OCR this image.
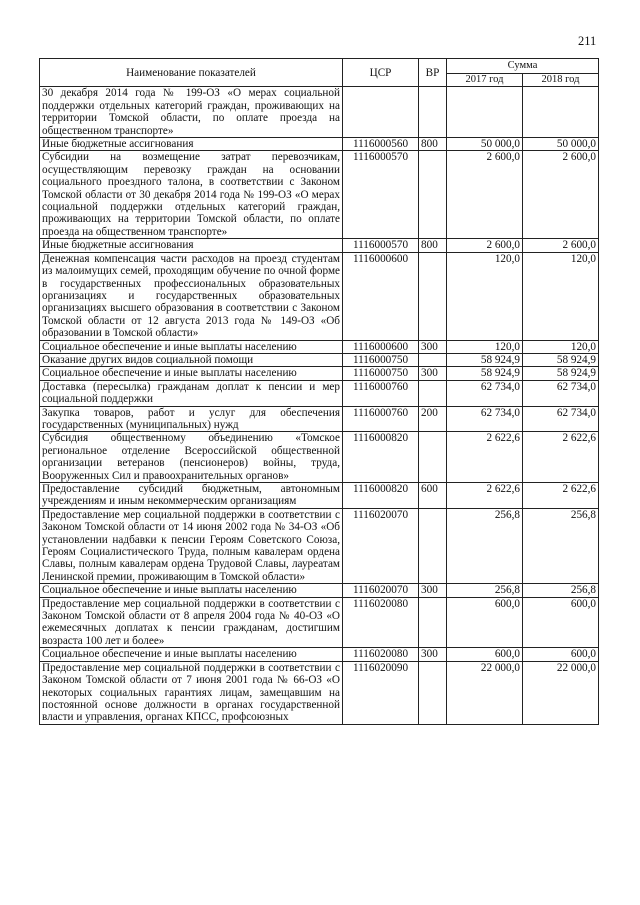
211
Наименование показателей	ЦСР	ВР	Сумма	
			2017 год	2018 год
30 декабря 2014 года № 199-ОЗ «О мерах социальной поддержки отдельных категорий граждан, проживающих на территории Томской области, по оплате проезда на общественном транспорте»				
Иные бюджетные ассигнования	1116000560	800	50 000,0	50 000,0
Субсидии на возмещение затрат перевозчикам, осуществляющим перевозку граждан на основании социального проездного талона, в соответствии с Законом Томской области от 30 декабря 2014 года № 199-ОЗ «О мерах социальной поддержки отдельных категорий граждан, проживающих на территории Томской области, по оплате проезда на общественном транспорте»	1116000570		2 600,0	2 600,0
Иные бюджетные ассигнования	1116000570	800	2 600,0	2 600,0
Денежная компенсация части расходов на проезд студентам из малоимущих семей, проходящим обучение по очной форме в государственных профессиональных образовательных организациях и государственных образовательных организациях высшего образования в соответствии с Законом Томской области от 12 августа 2013 года № 149-ОЗ «Об образовании в Томской области»	1116000600		120,0	120,0
Социальное обеспечение и иные выплаты населению	1116000600	300	120,0	120,0
Оказание других видов социальной помощи	1116000750		58 924,9	58 924,9
Социальное обеспечение и иные выплаты населению	1116000750	300	58 924,9	58 924,9
Доставка (пересылка) гражданам доплат к пенсии и мер социальной поддержки	1116000760		62 734,0	62 734,0
Закупка товаров, работ и услуг для обеспечения государственных (муниципальных) нужд	1116000760	200	62 734,0	62 734,0
Субсидия общественному объединению «Томское региональное отделение Всероссийской общественной организации ветеранов (пенсионеров) войны, труда, Вооруженных Сил и правоохранительных органов»	1116000820		2 622,6	2 622,6
Предоставление субсидий бюджетным, автономным учреждениям и иным некоммерческим организациям	1116000820	600	2 622,6	2 622,6
Предоставление мер социальной поддержки в соответствии с Законом Томской области от 14 июня 2002 года № 34-ОЗ «Об установлении надбавки к пенсии Героям Советского Союза, Героям Социалистического Труда, полным кавалерам ордена Славы, полным кавалерам ордена Трудовой Славы, лауреатам Ленинской премии, проживающим в Томской области»	1116020070		256,8	256,8
Социальное обеспечение и иные выплаты населению	1116020070	300	256,8	256,8
Предоставление мер социальной поддержки в соответствии с Законом Томской области от 8 апреля 2004 года № 40-ОЗ «О ежемесячных доплатах к пенсии гражданам, достигшим возраста 100 лет и более»	1116020080		600,0	600,0
Социальное обеспечение и иные выплаты населению	1116020080	300	600,0	600,0
Предоставление мер социальной поддержки в соответствии с Законом Томской области от 7 июня 2001 года № 66-ОЗ «О некоторых социальных гарантиях лицам, замещавшим на постоянной основе должности в органах государственной власти и управления, органах КПСС, профсоюзных	1116020090		22 000,0	22 000,0
